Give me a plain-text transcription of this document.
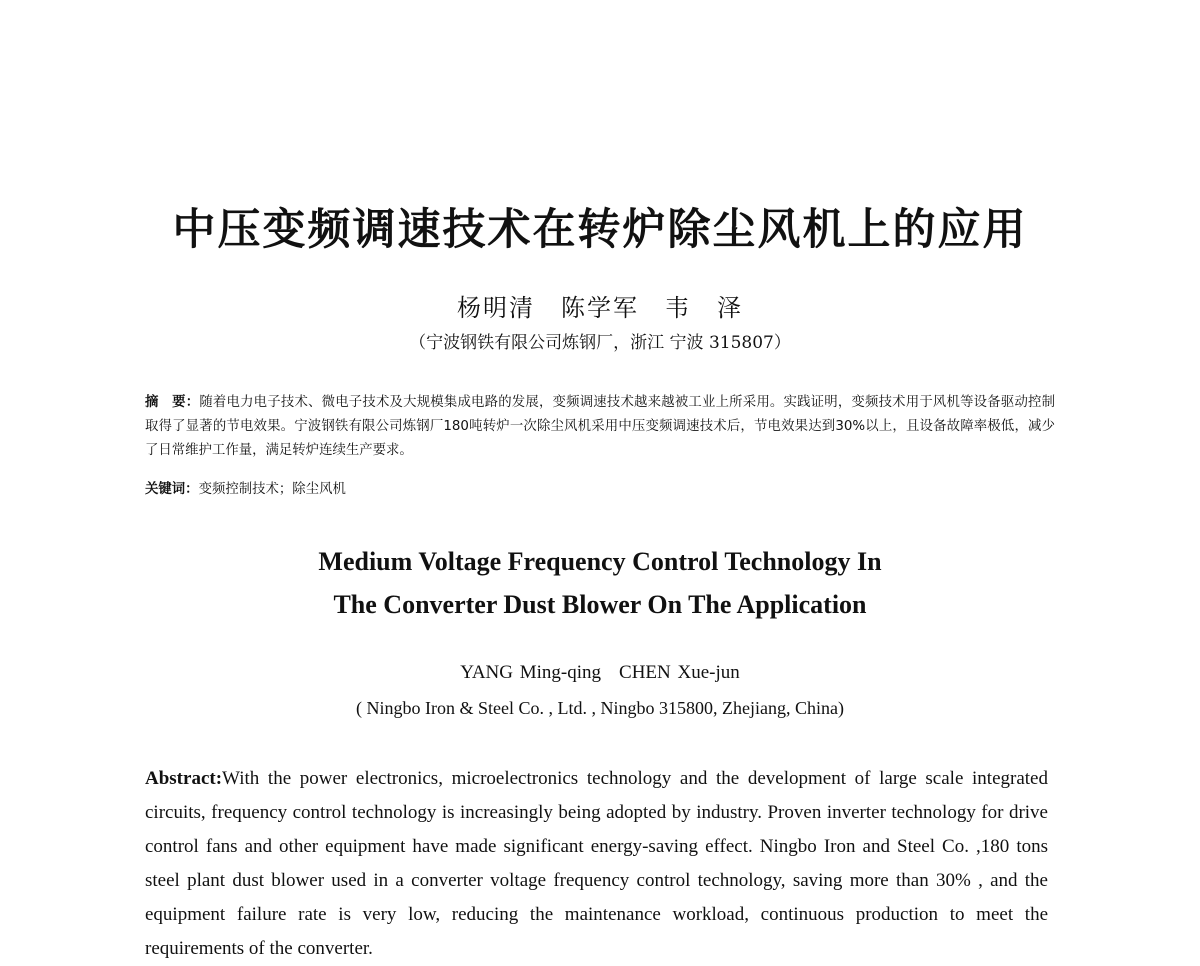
中压变频调速技术在转炉除尘风机上的应用
杨明清　陈学军　韦　泽
（宁波钢铁有限公司炼钢厂，浙江 宁波 315807）
摘　要：随着电力电子技术、微电子技术及大规模集成电路的发展，变频调速技术越来越被工业上所采用。实践证明，变频技术用于风机等设备驱动控制取得了显著的节电效果。宁波钢铁有限公司炼钢厂180吨转炉一次除尘风机采用中压变频调速技术后，节电效果达到30%以上，且设备故障率极低，减少了日常维护工作量，满足转炉连续生产要求。
关键词：变频控制技术；除尘风机
Medium Voltage Frequency Control Technology In
The Converter Dust Blower On The Application
YANG Ming-qing CHEN Xue-jun
( Ningbo Iron & Steel Co. , Ltd. , Ningbo 315800, Zhejiang, China)
Abstract:With the power electronics, microelectronics technology and the development of large scale integrated circuits, frequency control technology is increasingly being adopted by industry. Proven inverter technology for drive control fans and other equipment have made significant energy-saving effect. Ningbo Iron and Steel Co. ,180 tons steel plant dust blower used in a converter voltage frequency control technology, saving more than 30% , and the equipment failure rate is very low, reducing the maintenance workload, continuous production to meet the requirements of the converter.
